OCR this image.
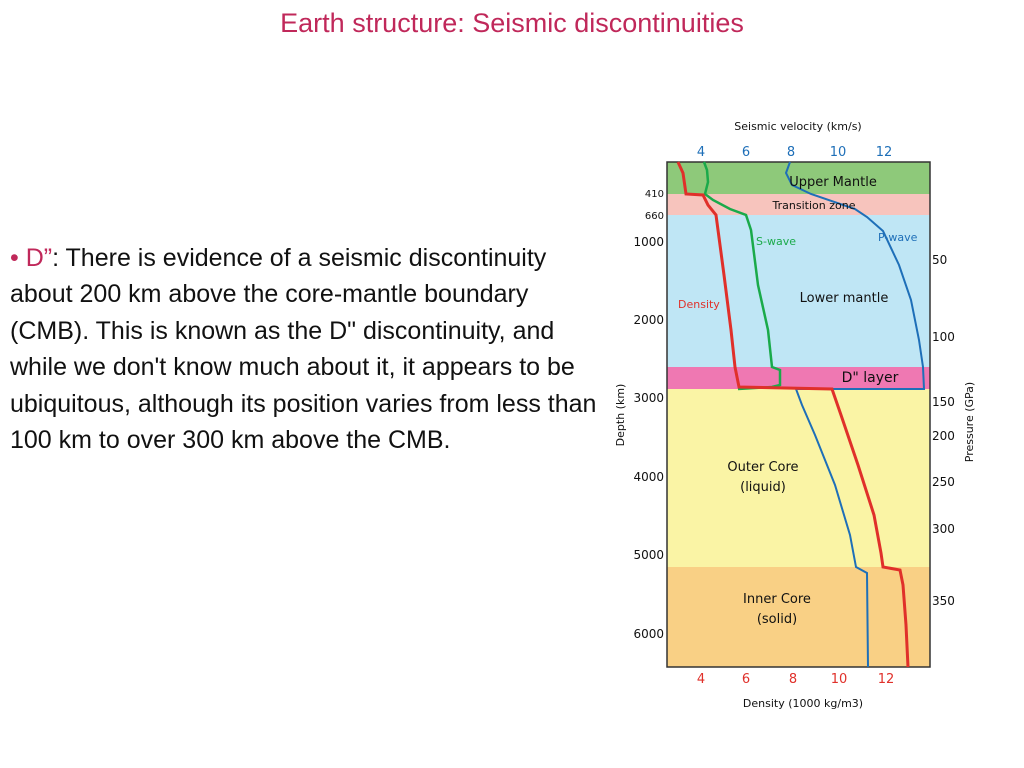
Earth structure: Seismic discontinuities
• D”: There is evidence of a seismic discontinuity about 200 km above the core-mantle boundary (CMB). This is known as the D" discontinuity, and while we don't know much about it, it appears to be ubiquitous, although its position varies from less than 100 km to over 300 km above the CMB.
Upper Mantle
Transition zone
Lower mantle
D" layer
Outer Core
(liquid)
Inner Core
(solid)
S-wave	P-wave
Density
Seismic velocity (km/s)
4	6	8	10 12
4	6	8	10 12
Density (1000 kg/m3)
410
660
1000
2000
3000
4000
5000
6000
Depth (km)
50
100
150
200
250
300
350
Pressure (GPa)
